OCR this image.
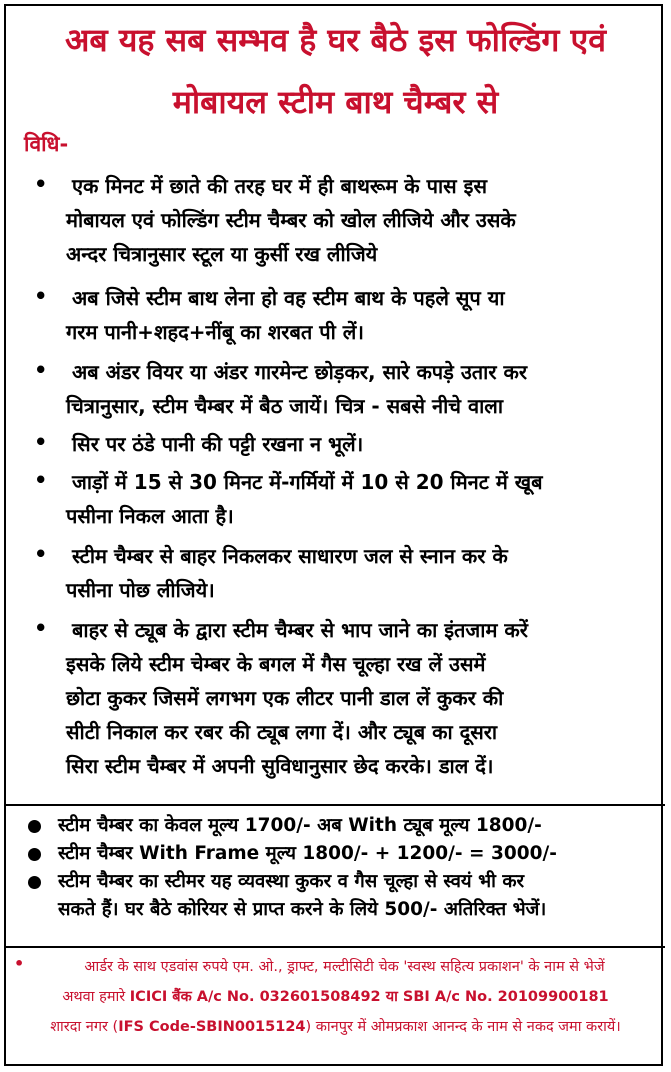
अब यह सब सम्भव है घर बैठे इस फोल्डिंग एवं
मोबायल स्टीम बाथ चैम्बर से
विधि-
• एक मिनट में छाते की तरह घर में ही बाथरूम के पास इस
मोबायल एवं फोल्डिंग स्टीम चैम्बर को खोल लीजिये और उसके
अन्दर चित्रानुसार स्टूल या कुर्सी रख लीजिये
• अब जिसे स्टीम बाथ लेना हो वह स्टीम बाथ के पहले सूप या
गरम पानी+शहद+नींबू का शरबत पी लें।
• अब अंडर वियर या अंडर गारमेन्ट छोड़कर, सारे कपड़े उतार कर
चित्रानुसार, स्टीम चैम्बर में बैठ जायें। चित्र - सबसे नीचे वाला
• सिर पर ठंडे पानी की पट्टी रखना न भूलें।
• जाड़ों में 15 से 30 मिनट में-गर्मियों में 10 से 20 मिनट में खूब
पसीना निकल आता है।
• स्टीम चैम्बर से बाहर निकलकर साधारण जल से स्नान कर के
पसीना पोछ लीजिये।
• बाहर से ट्यूब के द्वारा स्टीम चैम्बर से भाप जाने का इंतजाम करें
इसके लिये स्टीम चेम्बर के बगल में गैस चूल्हा रख लें उसमें
छोटा कुकर जिसमें लगभग एक लीटर पानी डाल लें कुकर की
सीटी निकाल कर रबर की ट्यूब लगा दें। और ट्यूब का दूसरा
सिरा स्टीम चैम्बर में अपनी सुविधानुसार छेद करके। डाल दें।
स्टीम चैम्बर का केवल मूल्य 1700/- अब With ट्यूब मूल्य 1800/-
स्टीम चैम्बर With Frame मूल्य 1800/- + 1200/- = 3000/-
स्टीम चैम्बर का स्टीमर यह व्यवस्था कुकर व गैस चूल्हा से स्वयं भी कर
सकते हैं। घर बैठे कोरियर से प्राप्त करने के लिये 500/- अतिरिक्त भेजें।
•	आर्डर के साथ एडवांस रुपये एम. ओ., ड्राफ्ट, मल्टीसिटी चेक 'स्वस्थ सहित्य प्रकाशन' के नाम से भेजें
अथवा हमारे ICICI बैंक A/c No. 032601508492 या SBI A/c No. 20109900181
शारदा नगर (IFS Code-SBIN0015124) कानपुर में ओमप्रकाश आनन्द के नाम से नकद जमा करायें।
